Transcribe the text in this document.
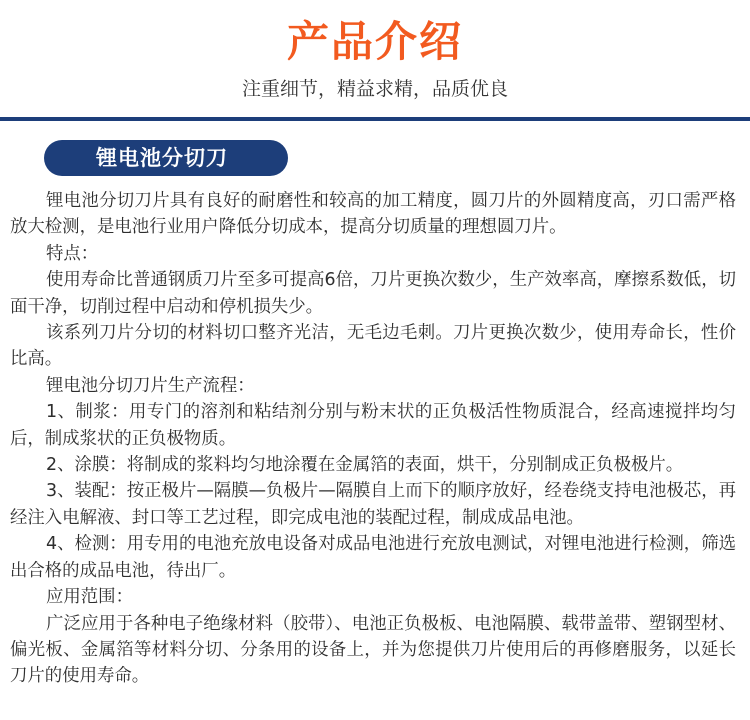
产品介绍
注重细节，精益求精，品质优良
锂电池分切刀

锂电池分切刀片具有良好的耐磨性和较高的加工精度，圆刀片的外圆精度高，刃口需严格放大检测，是电池行业用户降低分切成本，提高分切质量的理想圆刀片。

特点：

使用寿命比普通钢质刀片至多可提高6倍，刀片更换次数少，生产效率高，摩擦系数低，切面干净，切削过程中启动和停机损失少。

该系列刀片分切的材料切口整齐光洁，无毛边毛刺。刀片更换次数少，使用寿命长，性价比高。

锂电池分切刀片生产流程：

1、制浆：用专门的溶剂和粘结剂分别与粉末状的正负极活性物质混合，经高速搅拌均匀后，制成浆状的正负极物质。

2、涂膜：将制成的浆料均匀地涂覆在金属箔的表面，烘干，分别制成正负极极片。

3、装配：按正极片—隔膜—负极片—隔膜自上而下的顺序放好，经卷绕支持电池极芯，再经注入电解液、封口等工艺过程，即完成电池的装配过程，制成成品电池。

4、检测：用专用的电池充放电设备对成品电池进行充放电测试，对锂电池进行检测，筛选出合格的成品电池，待出厂。

应用范围：

广泛应用于各种电子绝缘材料（胶带）、电池正负极板、电池隔膜、载带盖带、塑钢型材、偏光板、金属箔等材料分切、分条用的设备上，并为您提供刀片使用后的再修磨服务，以延长刀片的使用寿命。
